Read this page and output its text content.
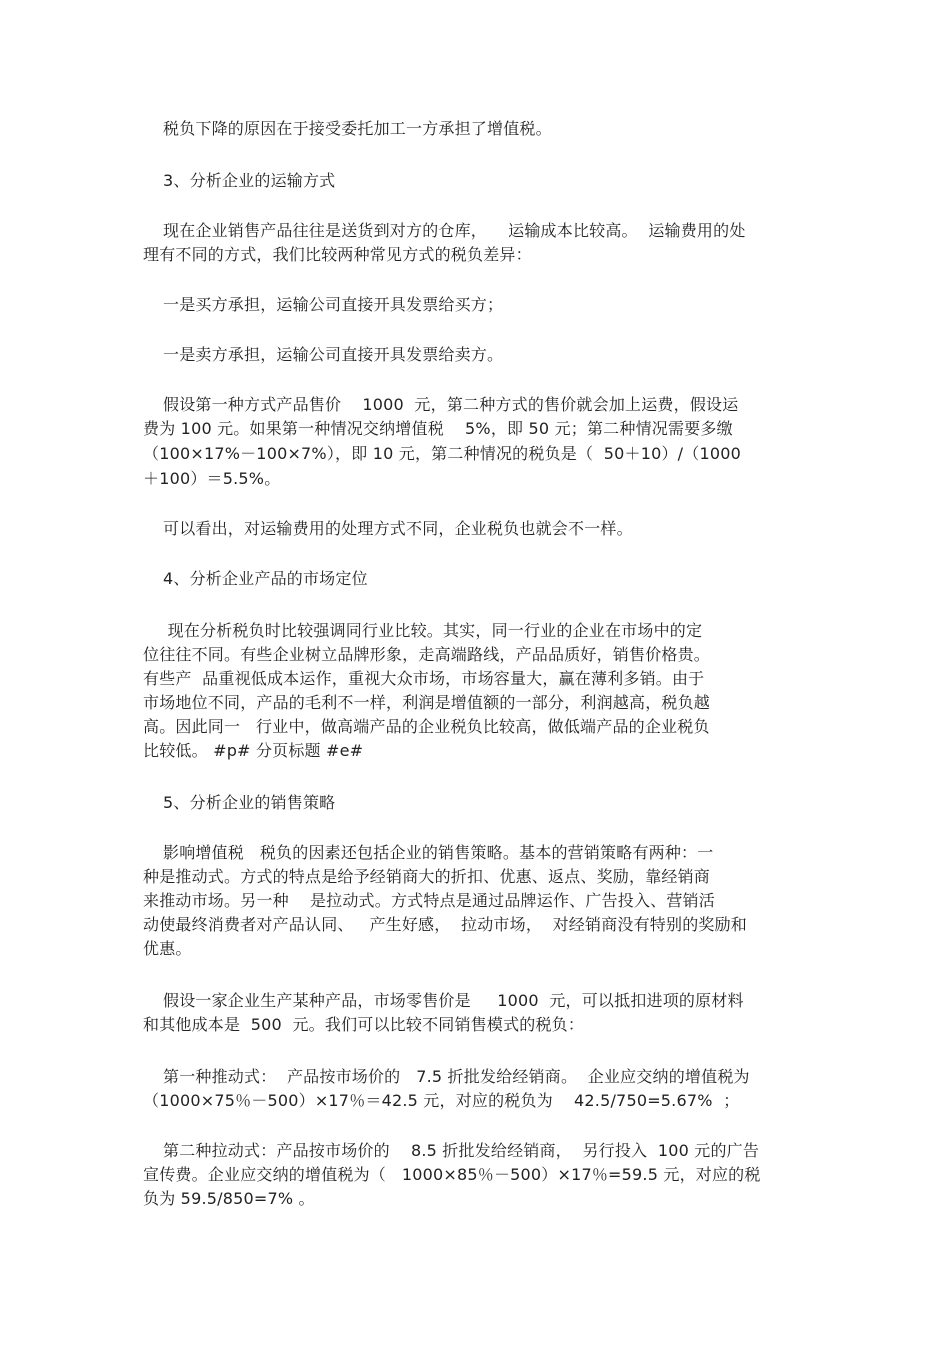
税负下降的原因在于接受委托加工一方承担了增值税。
3、分析企业的运输方式
现在企业销售产品往往是送货到对方的仓库，    运输成本比较高。  运输费用的处
理有不同的方式，我们比较两种常见方式的税负差异：
一是买方承担，运输公司直接开具发票给买方；
一是卖方承担，运输公司直接开具发票给卖方。
假设第一种方式产品售价    1000  元，第二种方式的售价就会加上运费，假设运
费为 100 元。如果第一种情况交纳增值税    5%，即 50 元；第二种情况需要多缴
（100×17%－100×7%），即 10 元，第二种情况的税负是（  50＋10）/（1000
＋100）＝5.5%。
可以看出，对运输费用的处理方式不同，企业税负也就会不一样。
4、分析企业产品的市场定位
现在分析税负时比较强调同行业比较。其实，同一行业的企业在市场中的定
位往往不同。有些企业树立品牌形象，走高端路线，产品品质好，销售价格贵。
有些产  品重视低成本运作，重视大众市场，市场容量大，赢在薄利多销。由于
市场地位不同，产品的毛利不一样，利润是增值额的一部分，利润越高，税负越
高。因此同一   行业中，做高端产品的企业税负比较高，做低端产品的企业税负
比较低。 #p# 分页标题 #e#
5、分析企业的销售策略
影响增值税   税负的因素还包括企业的销售策略。基本的营销策略有两种：一
种是推动式。方式的特点是给予经销商大的折扣、优惠、返点、奖励，靠经销商
来推动市场。另一种    是拉动式。方式特点是通过品牌运作、广告投入、营销活
动使最终消费者对产品认同、   产生好感，  拉动市场，  对经销商没有特别的奖励和
优惠。
假设一家企业生产某种产品，市场零售价是     1000  元，可以抵扣进项的原材料
和其他成本是  500  元。我们可以比较不同销售模式的税负：
第一种推动式：  产品按市场价的   7.5 折批发给经销商。  企业应交纳的增值税为
（1000×75％－500）×17％＝42.5 元，对应的税负为    42.5/750=5.67%  ；
第二种拉动式：产品按市场价的    8.5 折批发给经销商，  另行投入  100 元的广告
宣传费。企业应交纳的增值税为（   1000×85％－500）×17％=59.5 元，对应的税
负为 59.5/850=7% 。
